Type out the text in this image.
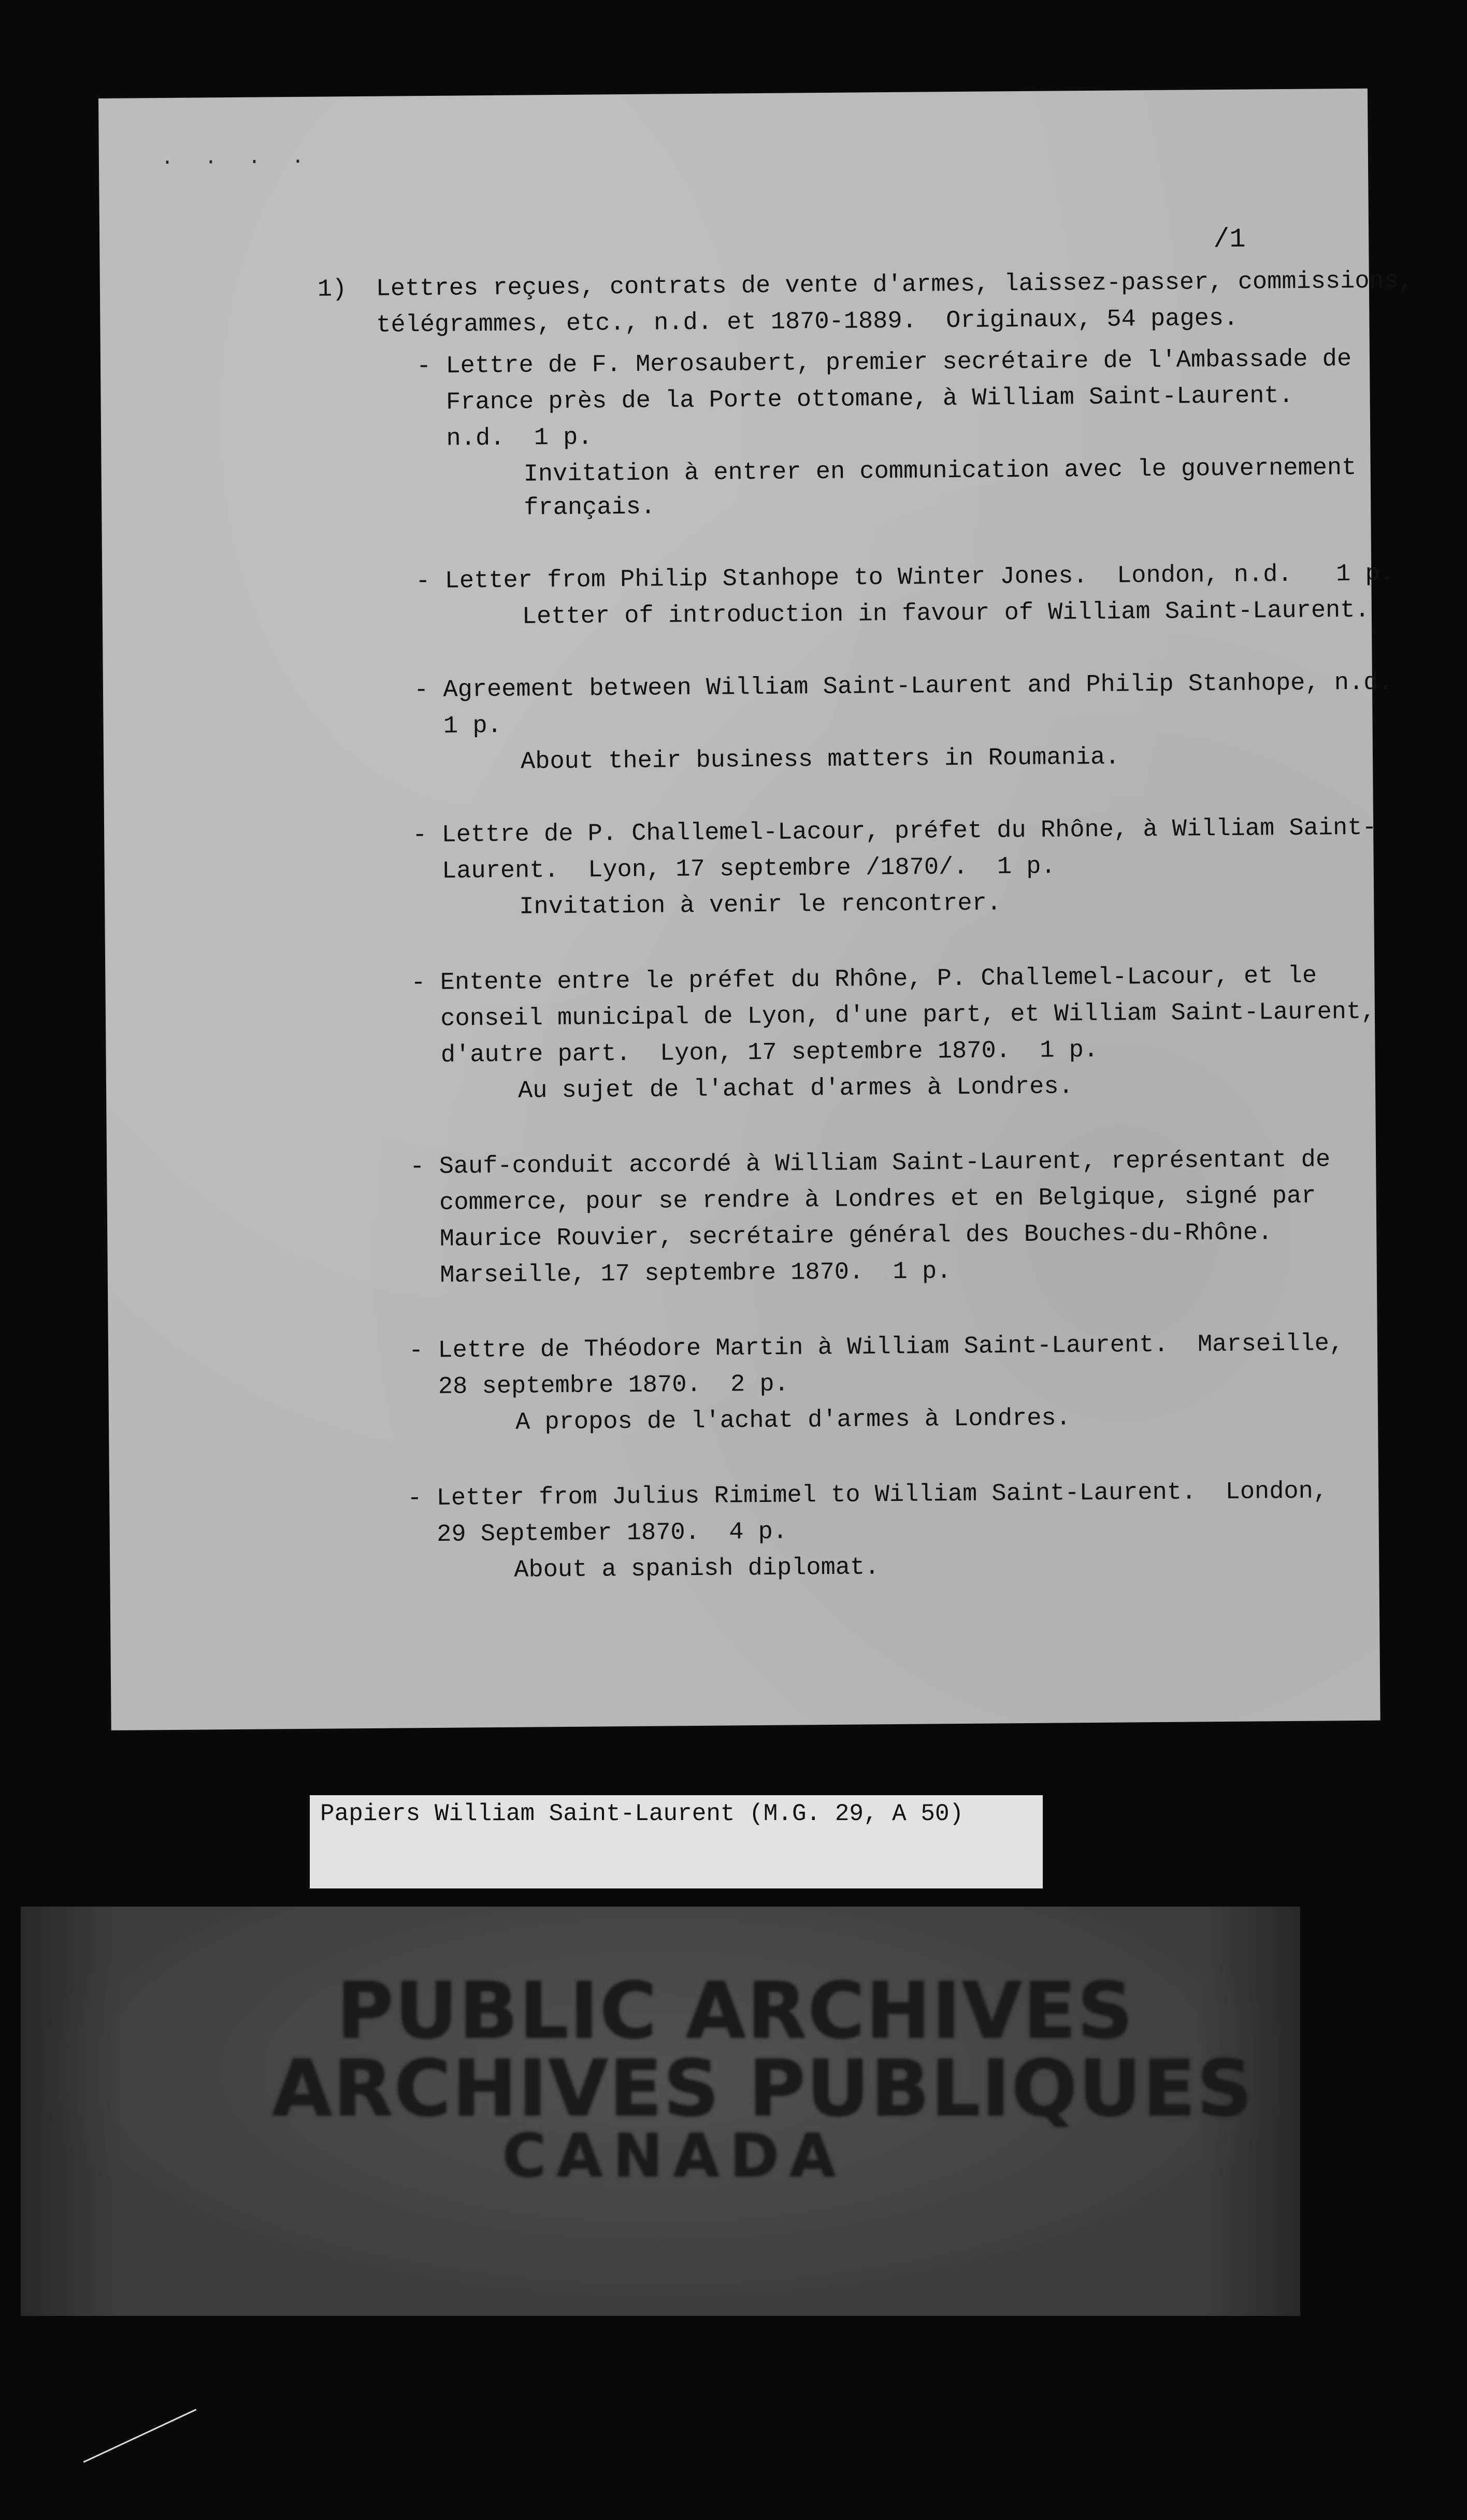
. . . .
/1
1)  Lettres reçues, contrats de vente d'armes, laissez-passer, commissions,
télégrammes, etc., n.d. et 1870-1889.  Originaux, 54 pages.
- Lettre de F. Merosaubert, premier secrétaire de l'Ambassade de
France près de la Porte ottomane, à William Saint-Laurent.
n.d.  1 p.
Invitation à entrer en communication avec le gouvernement
français.
- Letter from Philip Stanhope to Winter Jones.  London, n.d.   1 p.
Letter of introduction in favour of William Saint-Laurent.
- Agreement between William Saint-Laurent and Philip Stanhope, n.d.
1 p.
About their business matters in Roumania.
- Lettre de P. Challemel-Lacour, préfet du Rhône, à William Saint-
Laurent.  Lyon, 17 septembre /1870/.  1 p.
Invitation à venir le rencontrer.
- Entente entre le préfet du Rhône, P. Challemel-Lacour, et le
conseil municipal de Lyon, d'une part, et William Saint-Laurent,
d'autre part.  Lyon, 17 septembre 1870.  1 p.
Au sujet de l'achat d'armes à Londres.
- Sauf-conduit accordé à William Saint-Laurent, représentant de
commerce, pour se rendre à Londres et en Belgique, signé par
Maurice Rouvier, secrétaire général des Bouches-du-Rhône.
Marseille, 17 septembre 1870.  1 p.
- Lettre de Théodore Martin à William Saint-Laurent.  Marseille,
28 septembre 1870.  2 p.
A propos de l'achat d'armes à Londres.
- Letter from Julius Rimimel to William Saint-Laurent.  London,
29 September 1870.  4 p.
About a spanish diplomat.
Papiers William Saint-Laurent (M.G. 29, A 50)
PUBLIC ARCHIVES
ARCHIVES PUBLIQUES
CANADA
